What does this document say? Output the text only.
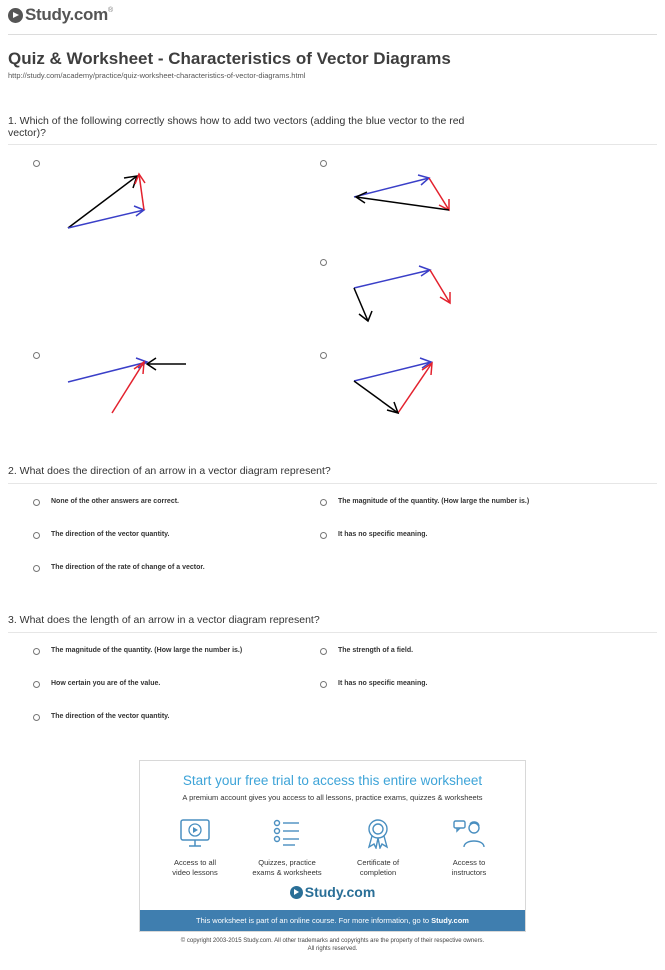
Study.com ®
Quiz & Worksheet - Characteristics of Vector Diagrams
http://study.com/academy/practice/quiz-worksheet-characteristics-of-vector-diagrams.html
1. Which of the following correctly shows how to add two vectors (adding the blue vector to the red
vector)?
2. What does the direction of an arrow in a vector diagram represent?
None of the other answers are correct.	The magnitude of the quantity. (How large the number is.)
The direction of the vector quantity.	It has no specific meaning.
The direction of the rate of change of a vector.
3. What does the length of an arrow in a vector diagram represent?
The magnitude of the quantity. (How large the number is.)	The strength of a field.
How certain you are of the value.	It has no specific meaning.
The direction of the vector quantity.
Start your free trial to access this entire worksheet
A premium account gives you access to all lessons, practice exams, quizzes & worksheets
Access to all
video lessons
Quizzes, practice
exams & worksheets
Certificate of
completion
Access to
instructors
Study.com
This worksheet is part of an online course. For more information, go to Study.com
© copyright 2003-2015 Study.com. All other trademarks and copyrights are the property of their respective owners.
All rights reserved.
